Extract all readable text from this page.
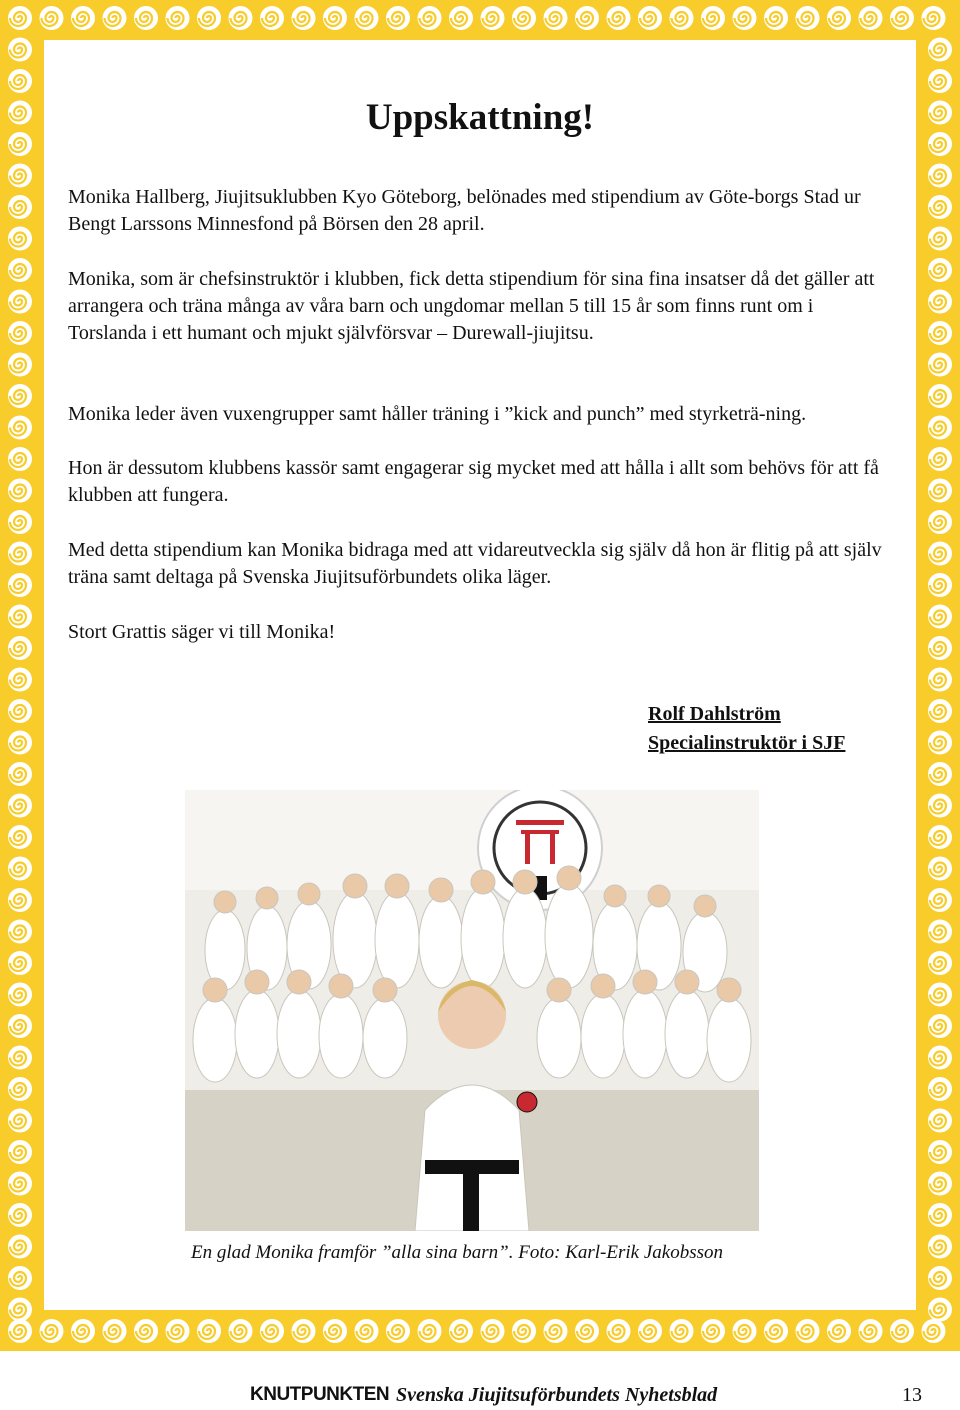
Uppskattning!

Monika Hallberg, Jiujitsuklubben Kyo Göteborg, belönades med stipendium av Göte-borgs Stad ur Bengt Larssons Minnesfond på Börsen den 28 april.

Monika, som är chefsinstruktör i klubben, fick detta stipendium för sina fina insatser då det gäller att arrangera och träna många av våra barn och ungdomar mellan 5 till 15 år som finns runt om i Torslanda i ett humant och mjukt självförsvar – Durewall-jiujitsu.

Monika leder även vuxengrupper samt håller träning i ”kick and punch” med styrketrä-ning.

Hon är dessutom klubbens kassör samt engagerar sig mycket med att hålla i allt som behövs för att få klubben att fungera.

Med detta stipendium kan Monika bidraga med att vidareutveckla sig själv då hon är flitig på att själv träna samt deltaga på Svenska Jiujitsuförbundets olika läger.

Stort Grattis säger vi till Monika!

Rolf Dahlström
Specialinstruktör i SJF
En glad Monika framför ”alla sina barn”. Foto: Karl-Erik Jakobsson
KNUTPUNKTEN Svenska Jiujitsuförbundets Nyhetsblad	13
